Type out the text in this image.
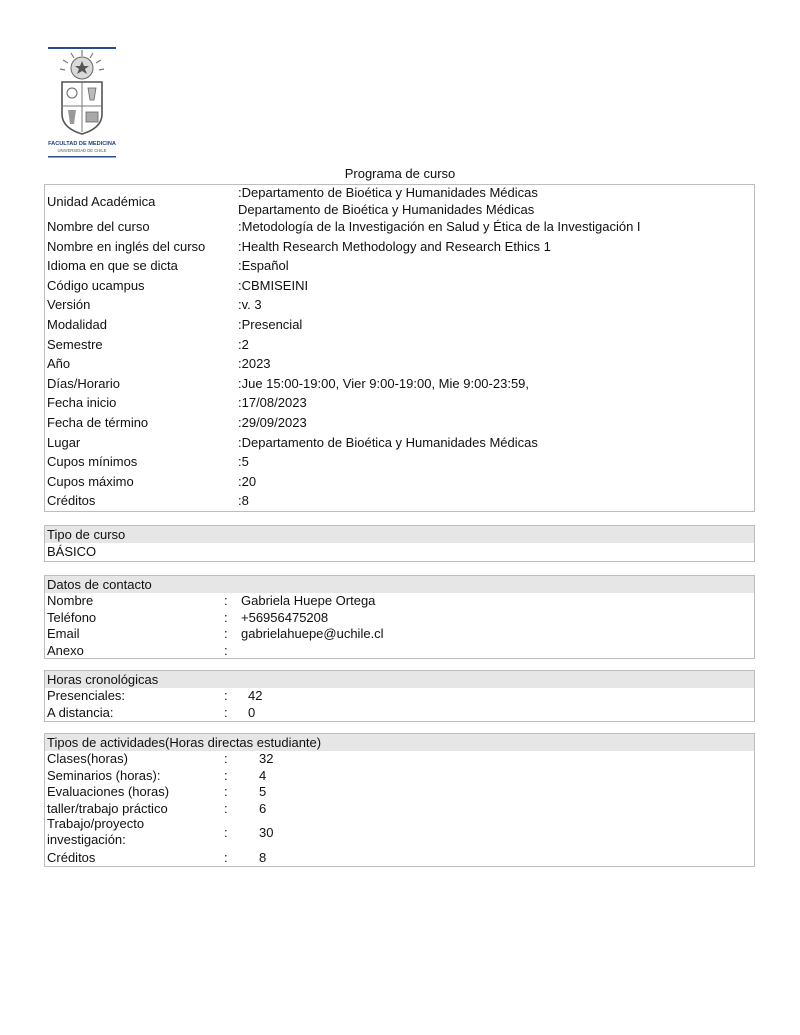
FACULTAD DE MEDICINA
UNIVERSIDAD DE CHILE
Programa de curso
Unidad Académica
:Departamento de Bioética y Humanidades Médicas
Departamento de Bioética y Humanidades Médicas
Nombre del curso	:Metodología de la Investigación en Salud y Ética de la Investigación I
Nombre en inglés del curso	:Health Research Methodology and Research Ethics 1
Idioma en que se dicta	:Español
Código ucampus	:CBMISEINI
Versión	:v. 3
Modalidad	:Presencial
Semestre	:2
Año	:2023
Días/Horario	:Jue 15:00-19:00, Vier 9:00-19:00, Mie 9:00-23:59,
Fecha inicio	:17/08/2023
Fecha de término	:29/09/2023
Lugar	:Departamento de Bioética y Humanidades Médicas
Cupos mínimos	:5
Cupos máximo	:20
Créditos	:8
Tipo de curso
BÁSICO
Datos de contacto
Nombre	: Gabriela Huepe Ortega
Teléfono	: +56956475208
Email	: gabrielahuepe@uchile.cl
Anexo	:
Horas cronológicas
Presenciales:	: 42
A distancia:	: 0
Tipos de actividades(Horas directas estudiante)
Clases(horas)	: 32
Seminarios (horas):	: 4
Evaluaciones (horas)	: 5
taller/trabajo práctico	: 6
Trabajo/proyecto
investigación:	: 30
Créditos	: 8
